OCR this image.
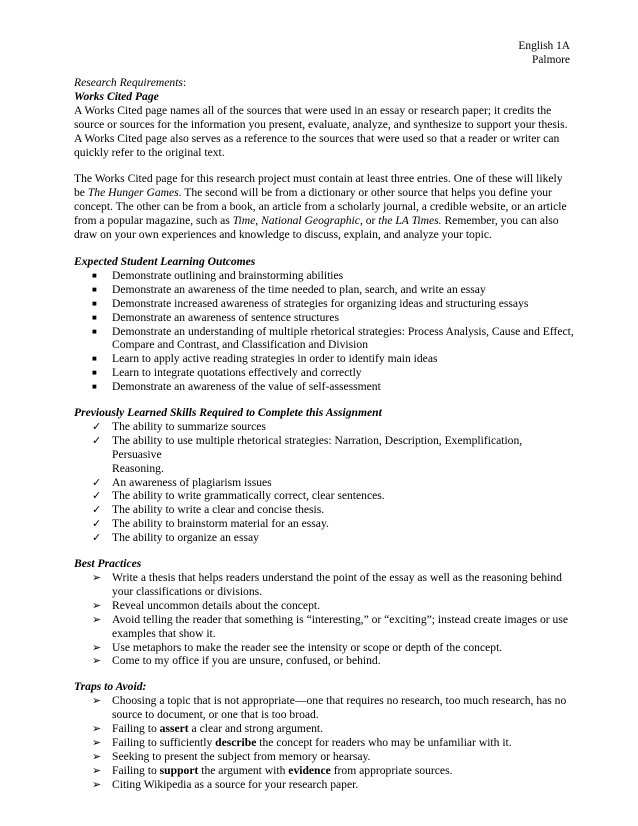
English 1A
Palmore

Research Requirements:

Works Cited Page

A Works Cited page names all of the sources that were used in an essay or research paper; it credits the

source or sources for the information you present, evaluate, analyze, and synthesize to support your thesis.

A Works Cited page also serves as a reference to the sources that were used so that a reader or writer can

quickly refer to the original text.

The Works Cited page for this research project must contain at least three entries. One of these will likely

be The Hunger Games. The second will be from a dictionary or other source that helps you define your

concept. The other can be from a book, an article from a scholarly journal, a credible website, or an article

from a popular magazine, such as Time, National Geographic, or the LA Times. Remember, you can also

draw on your own experiences and knowledge to discuss, explain, and analyze your topic.

Expected Student Learning Outcomes

■	Demonstrate outlining and brainstorming abilities

■	Demonstrate an awareness of the time needed to plan, search, and write an essay

■	Demonstrate increased awareness of strategies for organizing ideas and structuring essays

■	Demonstrate an awareness of sentence structures

■	Demonstrate an understanding of multiple rhetorical strategies: Process Analysis, Cause and Effect,

Compare and Contrast, and Classification and Division

■	Learn to apply active reading strategies in order to identify main ideas

■	Learn to integrate quotations effectively and correctly

■	Demonstrate an awareness of the value of self-assessment

Previously Learned Skills Required to Complete this Assignment

✓ The ability to summarize sources

✓ The ability to use multiple rhetorical strategies: Narration, Description, Exemplification, Persuasive

Reasoning.

✓ An awareness of plagiarism issues

✓ The ability to write grammatically correct, clear sentences.

✓ The ability to write a clear and concise thesis.

✓ The ability to brainstorm material for an essay.

✓ The ability to organize an essay

Best Practices

➢ Write a thesis that helps readers understand the point of the essay as well as the reasoning behind

your classifications or divisions.

➢ Reveal uncommon details about the concept.

➢ Avoid telling the reader that something is “interesting,” or “exciting”; instead create images or use

examples that show it.

➢ Use metaphors to make the reader see the intensity or scope or depth of the concept.

➢ Come to my office if you are unsure, confused, or behind.

Traps to Avoid:

➢ Choosing a topic that is not appropriate—one that requires no research, too much research, has no

source to document, or one that is too broad.

➢ Failing to assert a clear and strong argument.

➢ Failing to sufficiently describe the concept for readers who may be unfamiliar with it.

➢ Seeking to present the subject from memory or hearsay.

➢ Failing to support the argument with evidence from appropriate sources.

➢ Citing Wikipedia as a source for your research paper.
